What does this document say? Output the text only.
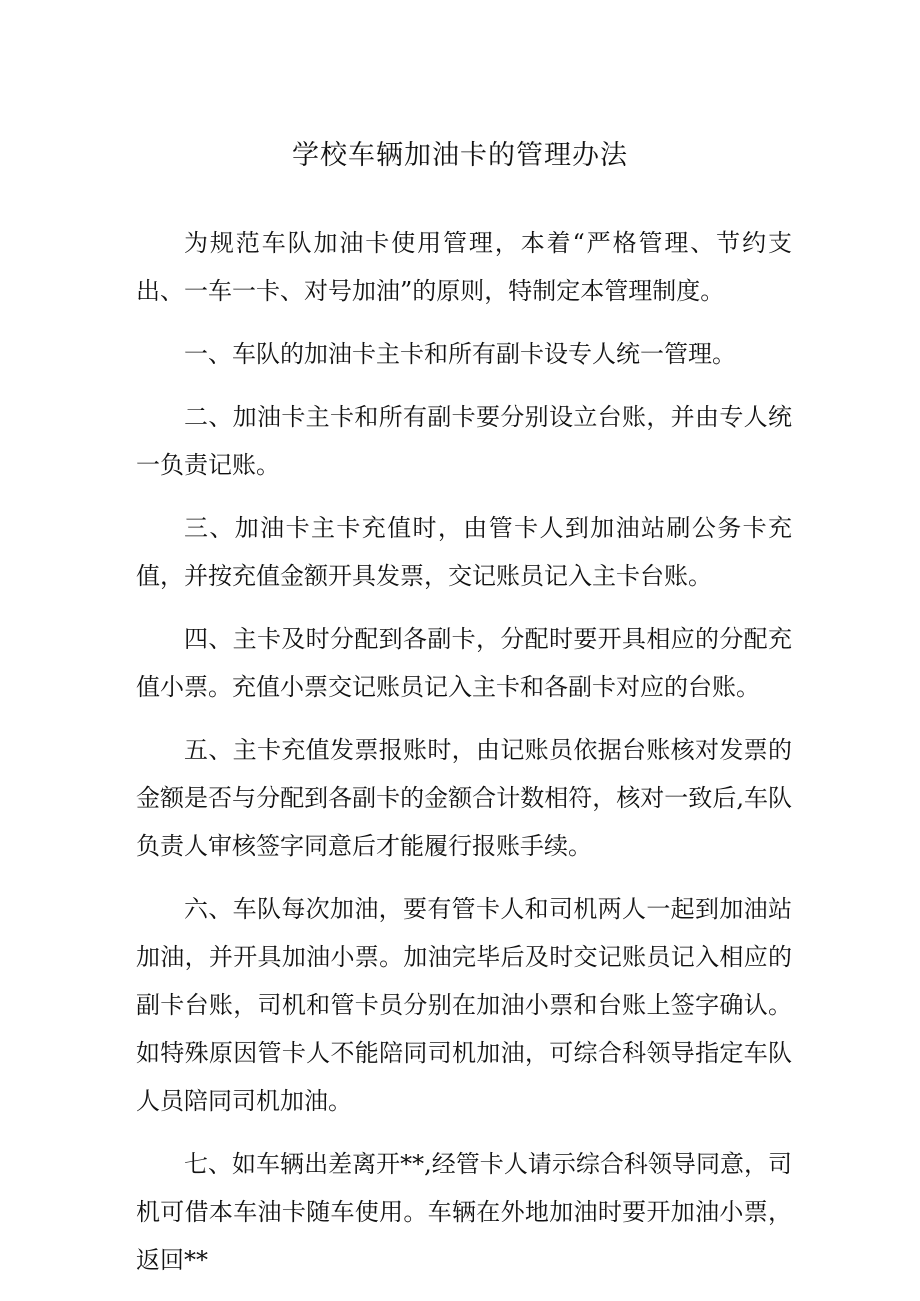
学校车辆加油卡的管理办法

为规范车队加油卡使用管理，本着“严格管理、节约支出、一车一卡、对号加油”的原则，特制定本管理制度。

一、车队的加油卡主卡和所有副卡设专人统一管理。

二、加油卡主卡和所有副卡要分别设立台账，并由专人统一负责记账。

三、加油卡主卡充值时，由管卡人到加油站刷公务卡充值，并按充值金额开具发票，交记账员记入主卡台账。

四、主卡及时分配到各副卡，分配时要开具相应的分配充值小票。充值小票交记账员记入主卡和各副卡对应的台账。

五、主卡充值发票报账时，由记账员依据台账核对发票的金额是否与分配到各副卡的金额合计数相符，核对一致后,车队负责人审核签字同意后才能履行报账手续。

六、车队每次加油，要有管卡人和司机两人一起到加油站加油，并开具加油小票。加油完毕后及时交记账员记入相应的副卡台账，司机和管卡员分别在加油小票和台账上签字确认。如特殊原因管卡人不能陪同司机加油，可综合科领导指定车队人员陪同司机加油。

七、如车辆出差离开**,经管卡人请示综合科领导同意，司机可借本车油卡随车使用。车辆在外地加油时要开加油小票，返回**
